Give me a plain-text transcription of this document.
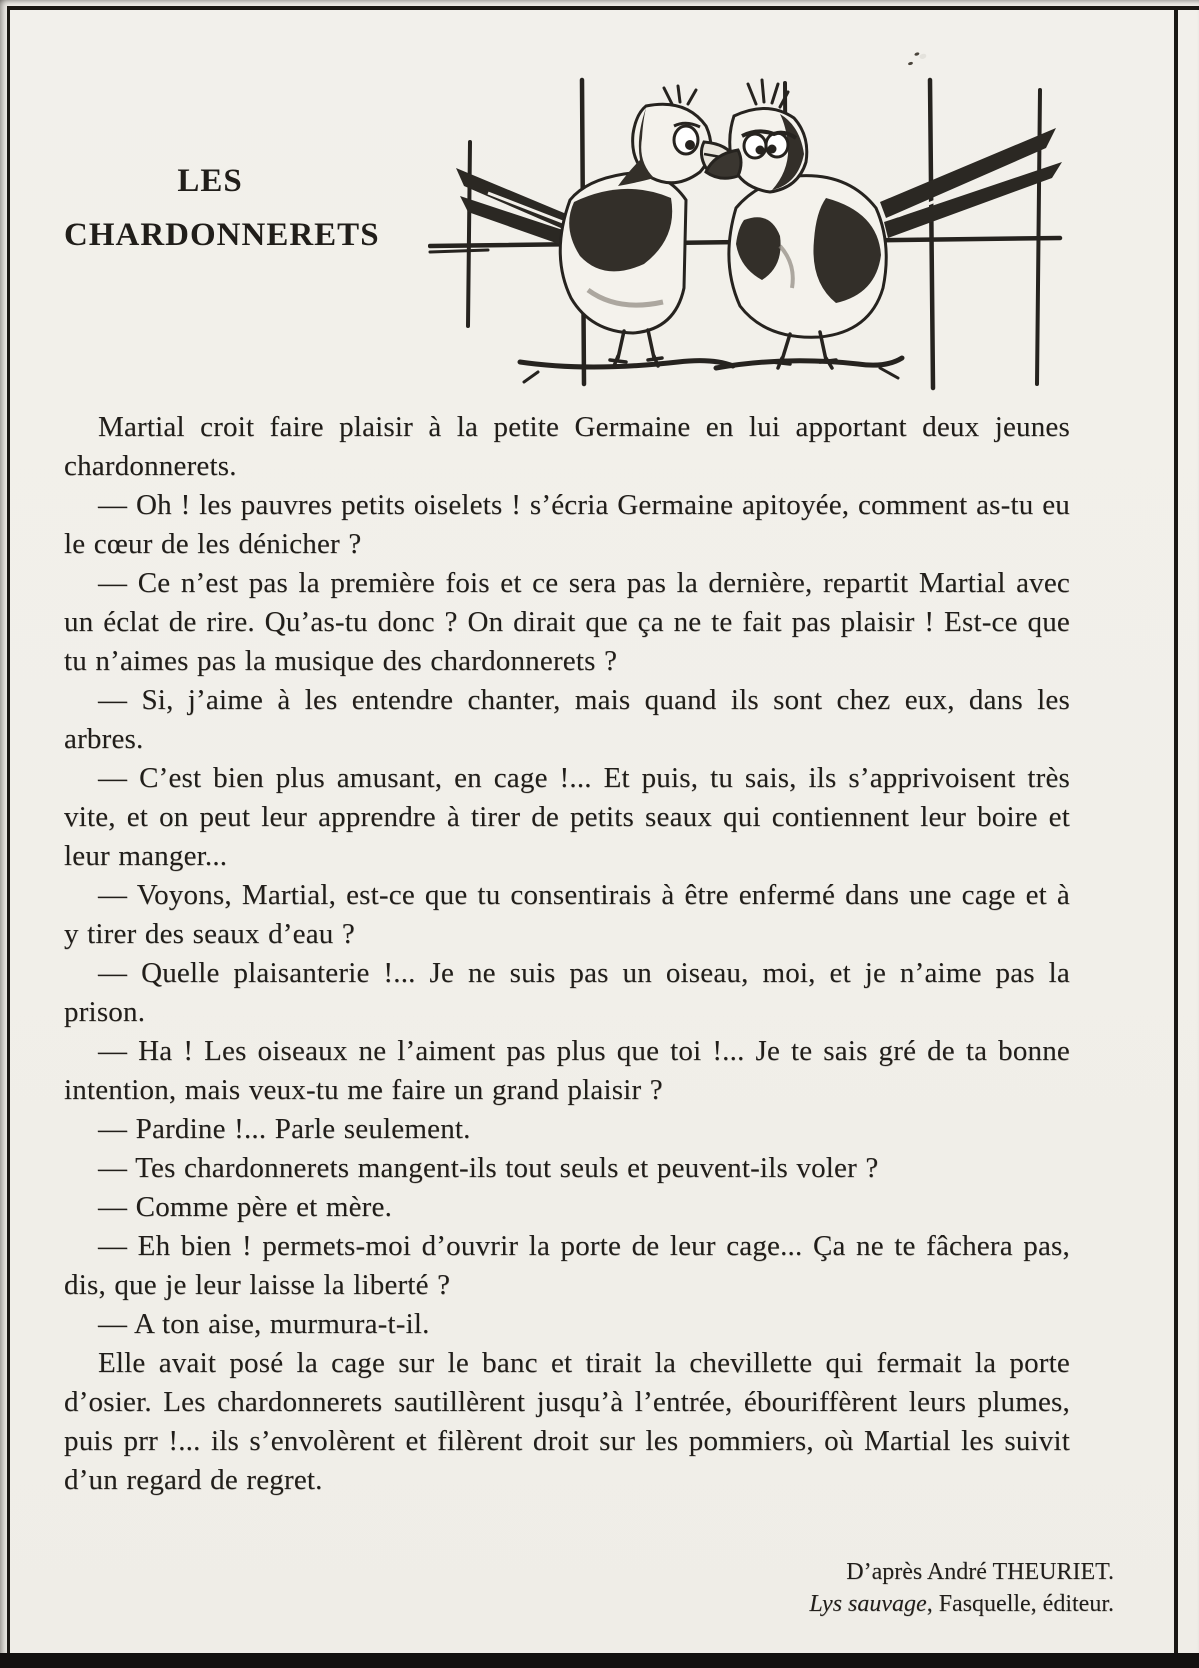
LES
CHARDONNERETS

Martial croit faire plaisir à la petite Germaine en lui apportant deux jeunes chardonnerets.

— Oh ! les pauvres petits oiselets ! s’écria Germaine apitoyée, comment as-tu eu le cœur de les dénicher ?

— Ce n’est pas la première fois et ce sera pas la dernière, repartit Martial avec un éclat de rire. Qu’as-tu donc ? On dirait que ça ne te fait pas plaisir ! Est-ce que tu n’aimes pas la musique des chardonnerets ?

— Si, j’aime à les entendre chanter, mais quand ils sont chez eux, dans les arbres.

— C’est bien plus amusant, en cage !... Et puis, tu sais, ils s’apprivoisent très vite, et on peut leur apprendre à tirer de petits seaux qui contiennent leur boire et leur manger...

— Voyons, Martial, est-ce que tu consentirais à être enfermé dans une cage et à y tirer des seaux d’eau ?

— Quelle plaisanterie !... Je ne suis pas un oiseau, moi, et je n’aime pas la prison.

— Ha ! Les oiseaux ne l’aiment pas plus que toi !... Je te sais gré de ta bonne intention, mais veux-tu me faire un grand plaisir ?

— Pardine !... Parle seulement.

— Tes chardonnerets mangent-ils tout seuls et peuvent-ils voler ?

— Comme père et mère.

— Eh bien ! permets-moi d’ouvrir la porte de leur cage... Ça ne te fâchera pas, dis, que je leur laisse la liberté ?

— A ton aise, murmura-t-il.

Elle avait posé la cage sur le banc et tirait la chevillette qui fermait la porte d’osier. Les chardonnerets sautillèrent jusqu’à l’entrée, ébouriffèrent leurs plumes, puis prr !... ils s’envolèrent et filèrent droit sur les pommiers, où Martial les suivit d’un regard de regret.

D’après André THEURIET.
Lys sauvage, Fasquelle, éditeur.
